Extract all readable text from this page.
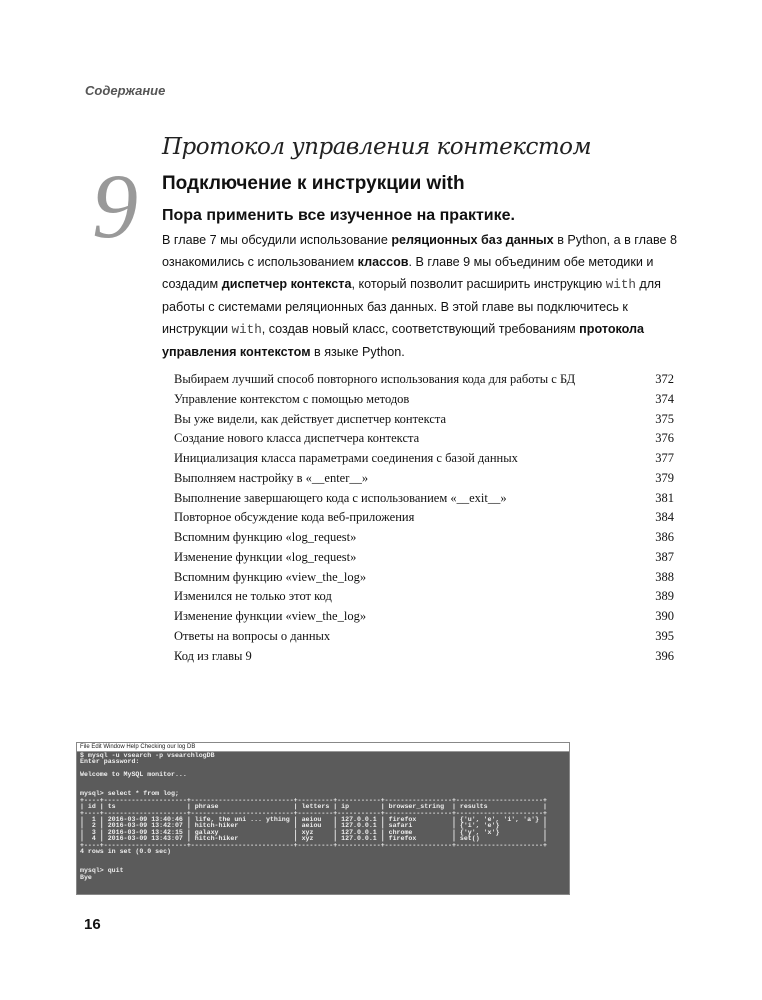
Содержание
Протокол управления контекстом
9 Подключение к инструкции with
Пора применить все изученное на практике.
В главе 7 мы обсудили использование реляционных баз данных в Python, а в главе 8 ознакомились с использованием классов. В главе 9 мы объединим обе методики и создадим диспетчер контекста, который позволит расширить инструкцию with для работы с системами реляционных баз данных. В этой главе вы подключитесь к инструкции with, создав новый класс, соответствующий требованиям протокола управления контекстом в языке Python.
Выбираем лучший способ повторного использования кода для работы с БД	372
Управление контекстом с помощью методов	374
Вы уже видели, как действует диспетчер контекста	375
Создание нового класса диспетчера контекста	376
Инициализация класса параметрами соединения с базой данных	377
Выполняем настройку в «__enter__»	379
Выполнение завершающего кода с использованием «__exit__»	381
Повторное обсуждение кода веб-приложения	384
Вспомним функцию «log_request»	386
Изменение функции «log_request»	387
Вспомним функцию «view_the_log»	388
Изменился не только этот код	389
Изменение функции «view_the_log»	390
Ответы на вопросы о данных	395
Код из главы 9	396
File Edit Window Help Checking our log DB
$ mysql -u vsearch -p vsearchlogDB
Enter password:

Welcome to MySQL monitor...

mysql> select * from log;
+----+---------------------+--------------------------+---------+-----------+-----------------+----------------------+
| id | ts                  | phrase                   | letters | ip        | browser_string  | results              |
+----+---------------------+--------------------------+---------+-----------+-----------------+----------------------+
|  1 | 2016-03-09 13:40:46 | life, the uni ... ything | aeiou   | 127.0.0.1 | firefox         | {'u', 'e', 'i', 'a'} |
|  2 | 2016-03-09 13:42:07 | hitch-hiker              | aeiou   | 127.0.0.1 | safari          | {'i', 'e'}           |
|  3 | 2016-03-09 13:42:15 | galaxy                   | xyz     | 127.0.0.1 | chrome          | {'y', 'x'}           |
|  4 | 2016-03-09 13:43:07 | hitch-hiker              | xyz     | 127.0.0.1 | firefox         | set()                |
+----+---------------------+--------------------------+---------+-----------+-----------------+----------------------+
4 rows in set (0.0 sec)

mysql> quit
Bye
16
